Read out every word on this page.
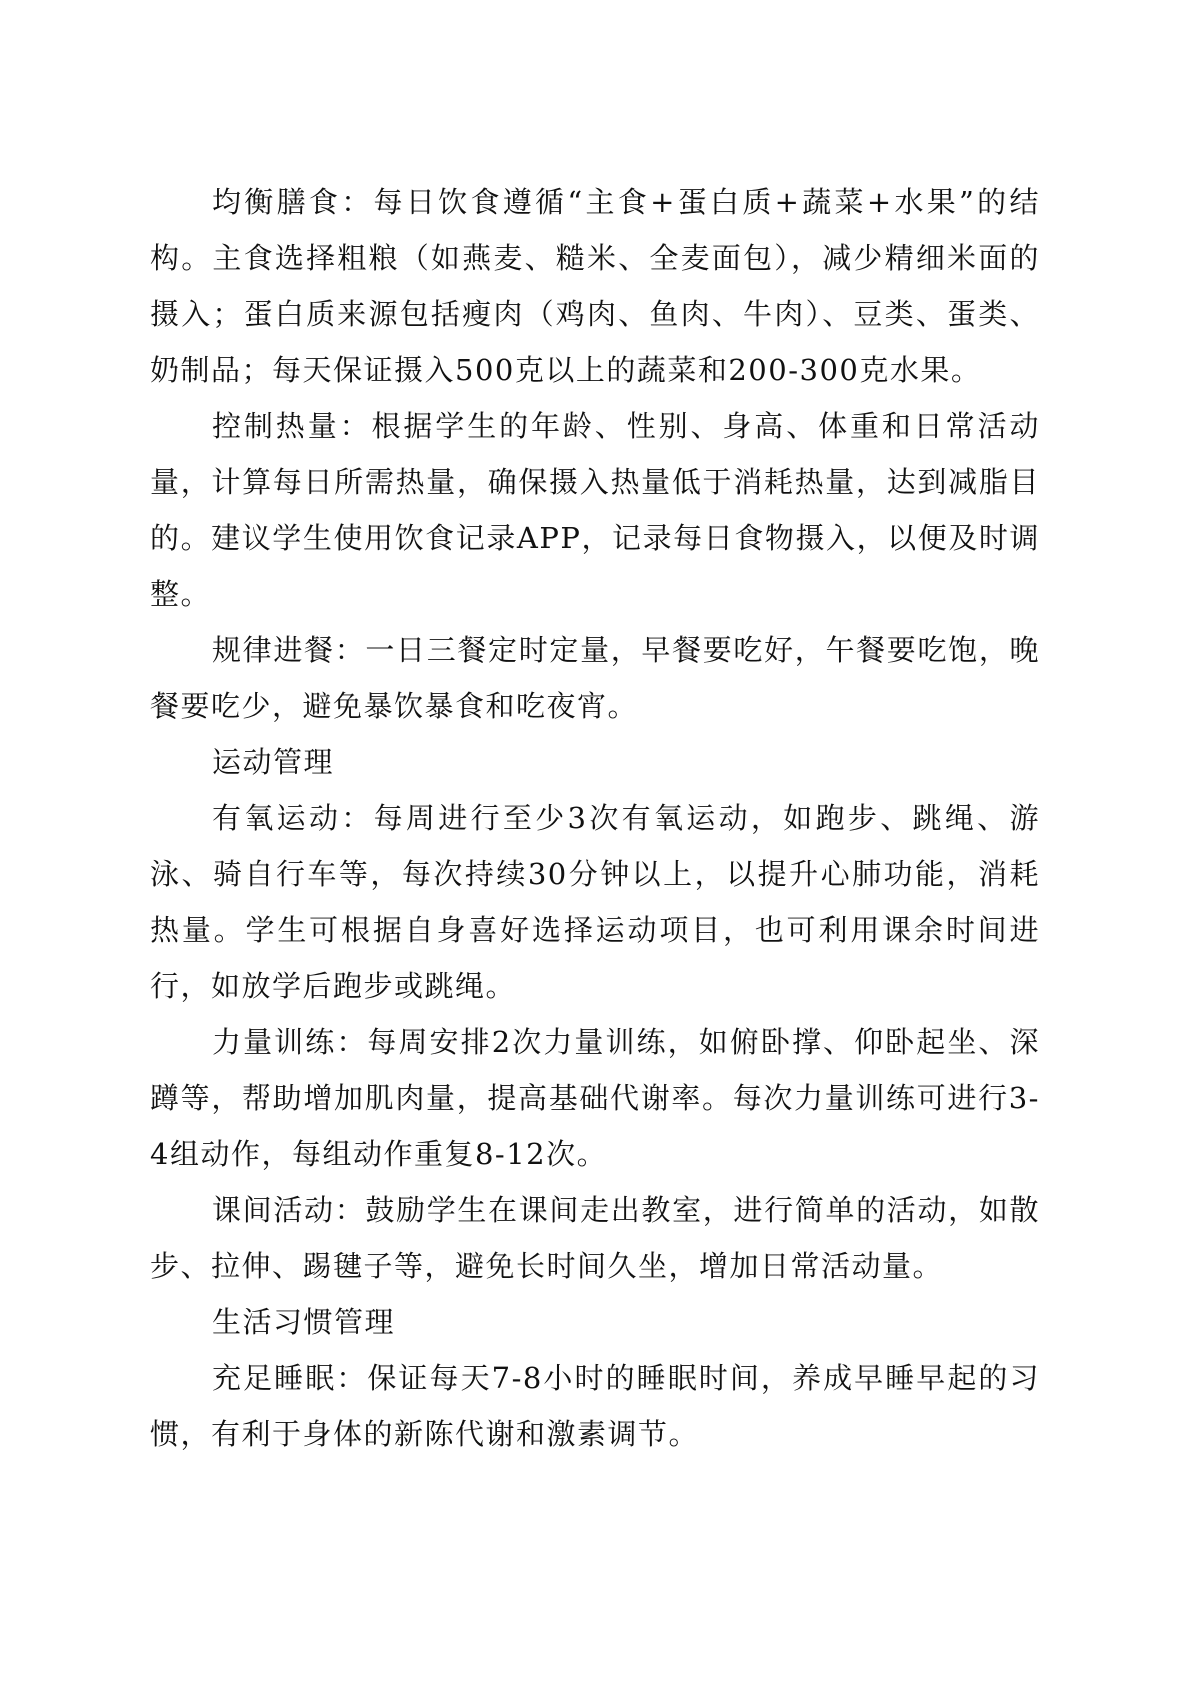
均衡膳食：每日饮食遵循“主食+蛋白质+蔬菜+水果”的结构。主食选择粗粮（如燕麦、糙米、全麦面包），减少精细米面的摄入；蛋白质来源包括瘦肉（鸡肉、鱼肉、牛肉）、豆类、蛋类、奶制品；每天保证摄入500克以上的蔬菜和200-300克水果。

控制热量：根据学生的年龄、性别、身高、体重和日常活动量，计算每日所需热量，确保摄入热量低于消耗热量，达到减脂目的。建议学生使用饮食记录APP，记录每日食物摄入，以便及时调整。

规律进餐：一日三餐定时定量，早餐要吃好，午餐要吃饱，晚餐要吃少，避免暴饮暴食和吃夜宵。

运动管理

有氧运动：每周进行至少3次有氧运动，如跑步、跳绳、游泳、骑自行车等，每次持续30分钟以上，以提升心肺功能，消耗热量。学生可根据自身喜好选择运动项目，也可利用课余时间进行，如放学后跑步或跳绳。

力量训练：每周安排2次力量训练，如俯卧撑、仰卧起坐、深蹲等，帮助增加肌肉量，提高基础代谢率。每次力量训练可进行3-4组动作，每组动作重复8-12次。

课间活动：鼓励学生在课间走出教室，进行简单的活动，如散步、拉伸、踢毽子等，避免长时间久坐，增加日常活动量。

生活习惯管理

充足睡眠：保证每天7-8小时的睡眠时间，养成早睡早起的习惯，有利于身体的新陈代谢和激素调节。
